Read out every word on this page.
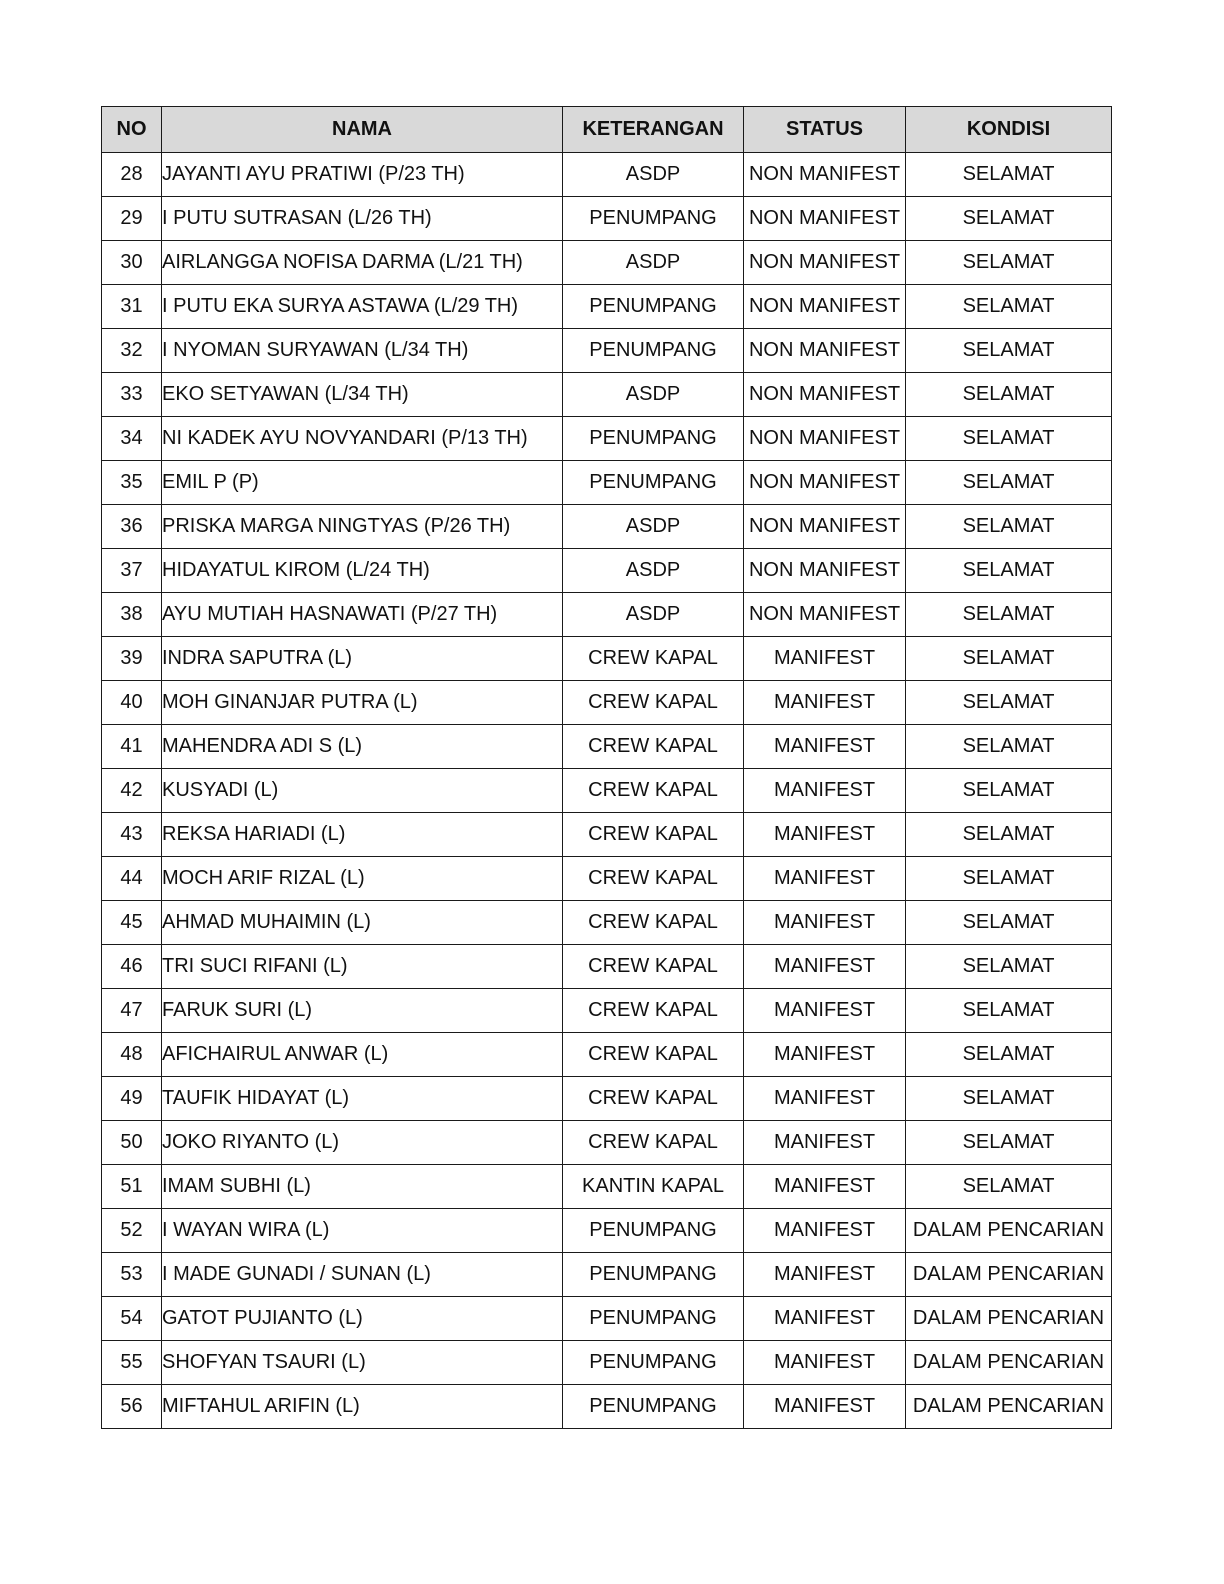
NO	NAMA	KETERANGAN	STATUS	KONDISI
28	JAYANTI AYU PRATIWI (P/23 TH)	ASDP	NON MANIFEST	SELAMAT
29	I PUTU SUTRASAN (L/26 TH)	PENUMPANG	NON MANIFEST	SELAMAT
30	AIRLANGGA NOFISA DARMA (L/21 TH)	ASDP	NON MANIFEST	SELAMAT
31	I PUTU EKA SURYA ASTAWA (L/29 TH)	PENUMPANG	NON MANIFEST	SELAMAT
32	I NYOMAN SURYAWAN (L/34 TH)	PENUMPANG	NON MANIFEST	SELAMAT
33	EKO SETYAWAN (L/34 TH)	ASDP	NON MANIFEST	SELAMAT
34	NI KADEK AYU NOVYANDARI (P/13 TH)	PENUMPANG	NON MANIFEST	SELAMAT
35	EMIL P (P)	PENUMPANG	NON MANIFEST	SELAMAT
36	PRISKA MARGA NINGTYAS (P/26 TH)	ASDP	NON MANIFEST	SELAMAT
37	HIDAYATUL KIROM (L/24 TH)	ASDP	NON MANIFEST	SELAMAT
38	AYU MUTIAH HASNAWATI (P/27 TH)	ASDP	NON MANIFEST	SELAMAT
39	INDRA SAPUTRA (L)	CREW KAPAL	MANIFEST	SELAMAT
40	MOH GINANJAR PUTRA (L)	CREW KAPAL	MANIFEST	SELAMAT
41	MAHENDRA ADI S (L)	CREW KAPAL	MANIFEST	SELAMAT
42	KUSYADI (L)	CREW KAPAL	MANIFEST	SELAMAT
43	REKSA HARIADI (L)	CREW KAPAL	MANIFEST	SELAMAT
44	MOCH ARIF RIZAL (L)	CREW KAPAL	MANIFEST	SELAMAT
45	AHMAD MUHAIMIN (L)	CREW KAPAL	MANIFEST	SELAMAT
46	TRI SUCI RIFANI (L)	CREW KAPAL	MANIFEST	SELAMAT
47	FARUK SURI (L)	CREW KAPAL	MANIFEST	SELAMAT
48	AFICHAIRUL ANWAR (L)	CREW KAPAL	MANIFEST	SELAMAT
49	TAUFIK HIDAYAT (L)	CREW KAPAL	MANIFEST	SELAMAT
50	JOKO RIYANTO (L)	CREW KAPAL	MANIFEST	SELAMAT
51	IMAM SUBHI (L)	KANTIN KAPAL	MANIFEST	SELAMAT
52	I WAYAN WIRA (L)	PENUMPANG	MANIFEST	DALAM PENCARIAN
53	I MADE GUNADI / SUNAN (L)	PENUMPANG	MANIFEST	DALAM PENCARIAN
54	GATOT PUJIANTO (L)	PENUMPANG	MANIFEST	DALAM PENCARIAN
55	SHOFYAN TSAURI (L)	PENUMPANG	MANIFEST	DALAM PENCARIAN
56	MIFTAHUL ARIFIN (L)	PENUMPANG	MANIFEST	DALAM PENCARIAN
